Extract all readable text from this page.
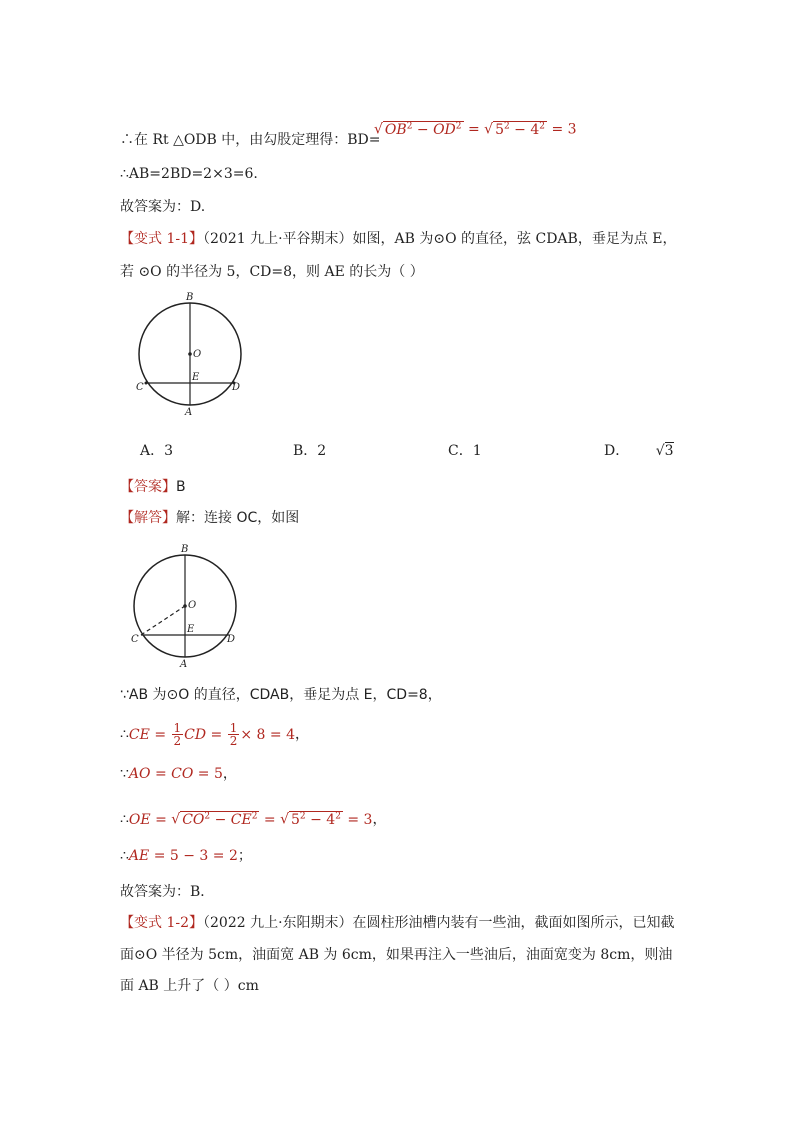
∴在 Rt △ODB 中，由勾股定理得：BD=
√ $OB^2 - OD^2$ = √ $5^2 - 4^2 = 3$
∴AB=2BD=2×3=6.
故答案为：D.
【变式 1-1】（2021 九上·平谷期末）如图，AB 为⊙O 的直径，弦 CDAB，垂足为点 E，
若 ⊙O 的半径为 5，CD=8，则 AE 的长为（ ）
B
O
E
C	D
A
A．3	B．2	C．1	D． √3
【答案】B
【解答】解：连接 OC，如图
B
O
E
C	D
A
∵AB 为⊙O 的直径，CDAB，垂足为点 E，CD=8，
∴CE = $\frac{1}{2}$ CD = $\frac{1}{2} \times 8 = 4$，
∵AO = CO = 5，
∴OE = √ $CO^2 - CE^2$ = √ $5^2 - 4^2 = 3$，
∴AE = 5 − 3 = 2；
故答案为：B．
【变式 1-2】（2022 九上·东阳期末）在圆柱形油槽内装有一些油，截面如图所示，已知截
面⊙O 半径为 5cm，油面宽 AB 为 6cm，如果再注入一些油后，油面宽变为 8cm，则油
面 AB 上升了（ ）cm
